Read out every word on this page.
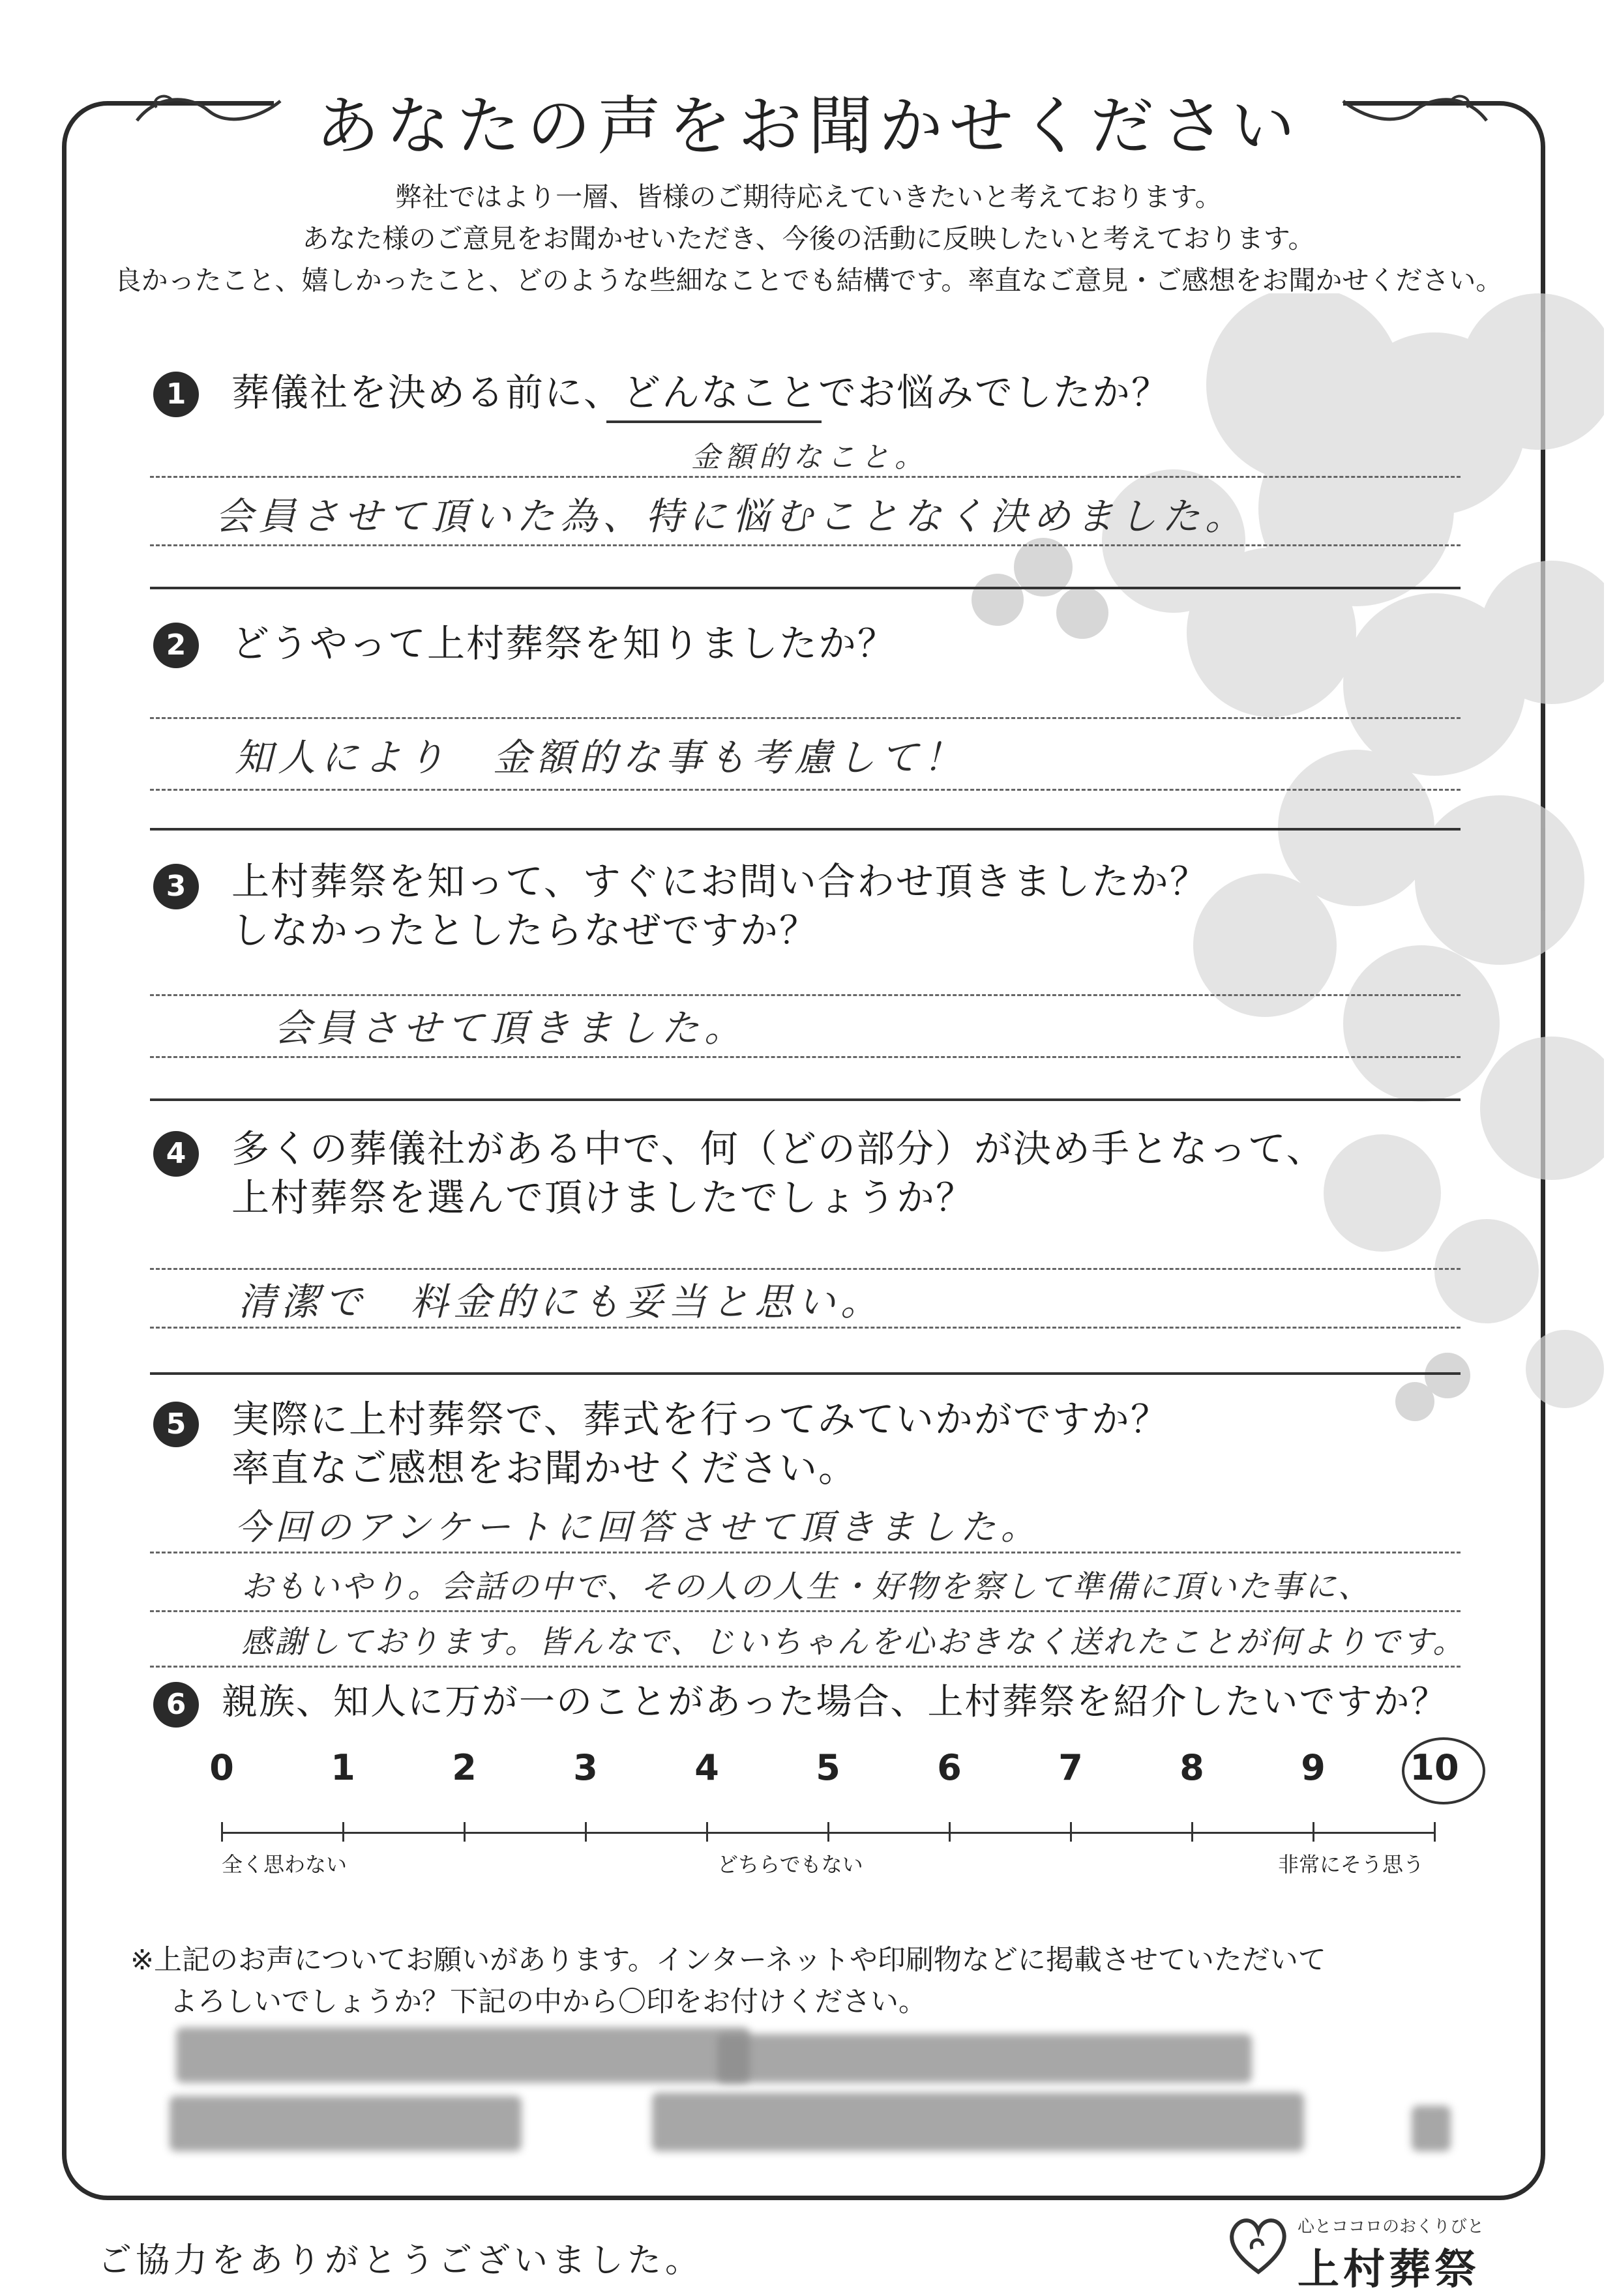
あなたの声をお聞かせください
弊社ではより一層、皆様のご期待応えていきたいと考えております。
あなた様のご意見をお聞かせいただき、今後の活動に反映したいと考えております。
良かったこと、嬉しかったこと、どのような些細なことでも結構です。率直なご意見・ご感想をお聞かせください。
1	葬儀社を決める前に、どんなことでお悩みでしたか？
金額的なこと。
会員させて頂いた為、特に悩むことなく決めました。
2	どうやって上村葬祭を知りましたか？
知人により　金額的な事も考慮して！
3	上村葬祭を知って、すぐにお問い合わせ頂きましたか？
しなかったとしたらなぜですか？
会員させて頂きました。
4	多くの葬儀社がある中で、何（どの部分）が決め手となって、
上村葬祭を選んで頂けましたでしょうか？
清潔で　料金的にも妥当と思い。
5	実際に上村葬祭で、葬式を行ってみていかがですか？
率直なご感想をお聞かせください。
今回のアンケートに回答させて頂きました。
おもいやり。会話の中で、その人の人生・好物を察して準備に頂いた事に、
感謝しております。皆んなで、じいちゃんを心おきなく送れたことが何よりです。
6 親族、知人に万が一のことがあった場合、上村葬祭を紹介したいですか？
0	1	2	3	4	5	6	7	8	9	10
全く思わない	どちらでもない	非常にそう思う
※上記のお声についてお願いがあります。インターネットや印刷物などに掲載させていただいて
よろしいでしょうか？下記の中から〇印をお付けください。
ご協力をありがとうございました。
心とココロのおくりびと
上村葬祭
